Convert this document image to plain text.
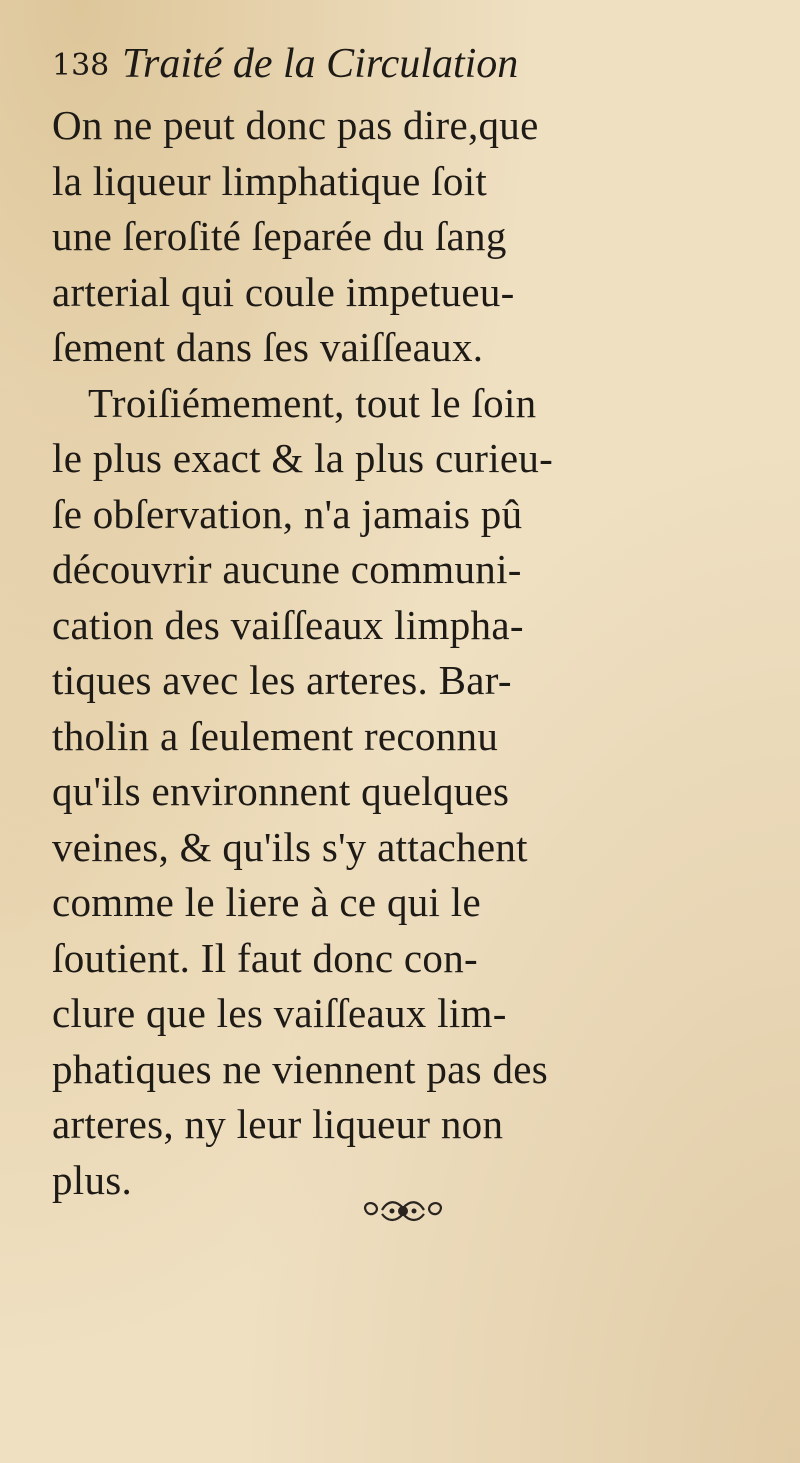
138 Traité de la Circulation
On ne peut donc pas dire,que
la liqueur limphatique ſoit
une ſeroſité ſeparée du ſang
arterial qui coule impetueu-
ſement dans ſes vaiſſeaux.
Troiſiémement, tout le ſoin
le plus exact & la plus curieu-
ſe obſervation, n'a jamais pû
découvrir aucune communi-
cation des vaiſſeaux limpha-
tiques avec les arteres. Bar-
tholin a ſeulement reconnu
qu'ils environnent quelques
veines, & qu'ils s'y attachent
comme le liere à ce qui le
ſoutient. Il faut donc con-
clure que les vaiſſeaux lim-
phatiques ne viennent pas des
arteres, ny leur liqueur non
plus.
